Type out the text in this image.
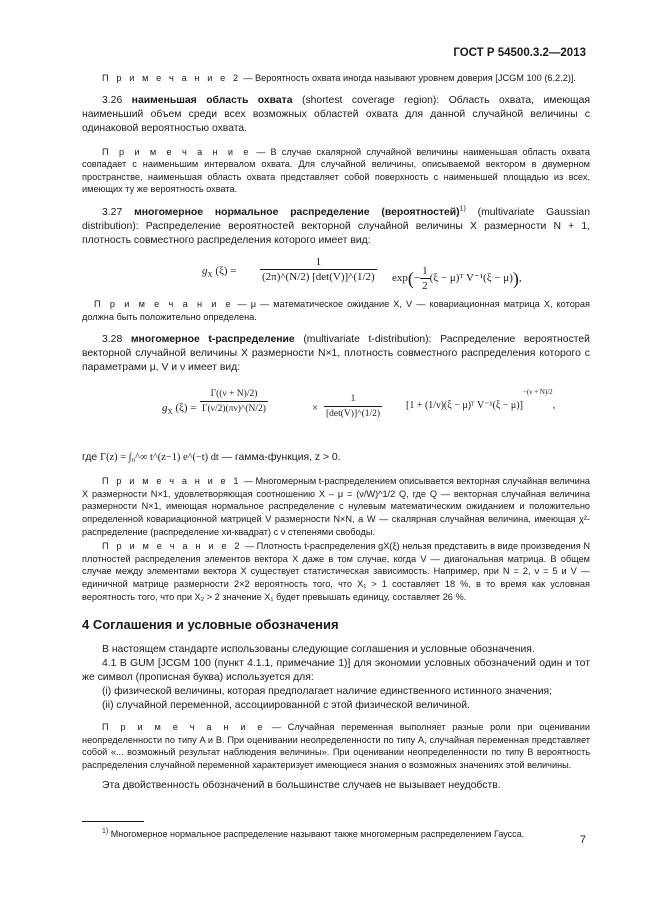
ГОСТ Р 54500.3.2—2013

П р и м е ч а н и е 2 — Вероятность охвата иногда называют уровнем доверия [JCGM 100 (6.2.2)].

3.26 наименьшая область охвата (shortest coverage region): Область охвата, имеющая наименьший объем среди всех возможных областей охвата для данной случайной величины с одинаковой вероятностью охвата.

П р и м е ч а н и е — В случае скалярной случайной величины наименьшая область охвата совпадает с наименьшим интервалом охвата. Для случайной величины, описываемой вектором в двумерном пространстве, наименьшая область охвата представляет собой поверхность с наименьшей площадью из всех, имеющих ту же вероятность охвата.

3.27 многомерное нормальное распределение (вероятностей)$^{1)}$ (multivariate Gaussian distribution): Распределение вероятностей векторной случайной величины X размерности N + 1, плотность совместного распределения которого имеет вид:

$g_X$ (ξ) =
1
(2π)^(N/2) [det(V)]^(1/2) $\exp(- \frac{1}{2} (\xi$ − μ)ᵀ V⁻¹(ξ − μ)),

П р и м е ч а н и е — μ — математическое ожидание X, V — ковариационная матрица X, которая должна быть положительно определена.

3.28 многомерное t-распределение (multivariate t-distribution): Распределение вероятностей векторной случайной величины X размерности N×1, плотность совместного распределения которого с параметрами μ, V и ν имеет вид:

$g_X$ $(\xi) = \frac{\Gamma((\nu + N)/2)}{\Gamma(\nu/2)(\pi\nu)\^{}(N/2)}$	×
1
[det(V)]^(1/2)
[1 + (1/ν)(ξ − μ)ᵀ V⁻¹(ξ − μ)]$^{-(\nu + N)/2}$,

где Γ(z) = ∫₀^∞ t^(z−1) e^(−t) dt — гамма-функция, z > 0.

П р и м е ч а н и е 1 — Многомерным t-распределением описывается векторная случайная величина X размерности N×1, удовлетворяющая соотношению X – μ = (ν/W)^1/2 Q, где Q — векторная случайная величина размерности N×1, имеющая нормальное распределение с нулевым математическим ожиданием и положительно определенной ковариационной матрицей V размерности N×N, а W — скалярная случайная величина, имеющая χ²-распределение (распределение хи-квадрат) с ν степенями свободы.

П р и м е ч а н и е 2 — Плотность t-распределения gX(ξ) нельзя представить в виде произведения N плотностей распределения элементов вектора X даже в том случае, когда V — диагональная матрица. В общем случае между элементами вектора X существует статистическая зависимость. Например, при N = 2, ν = 5 и V — единичной матрице размерности 2×2 вероятность того, что X₁ > 1 составляет 18 %, в то время как условная вероятность того, что при X₂ > 2 значение X₁ будет превышать единицу, составляет 26 %.

4 Соглашения и условные обозначения

В настоящем стандарте использованы следующие соглашения и условные обозначения.

4.1 В GUM [JCGM 100 (пункт 4.1.1, примечание 1)] для экономии условных обозначений один и тот же символ (прописная буква) используется для:

(i) физической величины, которая предполагает наличие единственного истинного значения;

(ii) случайной переменной, ассоциированной с этой физической величиной.

П р и м е ч а н и е — Случайная переменная выполняет разные роли при оценивании неопределенности по типу A и B. При оценивании неопределенности по типу A, случайная переменная представляет собой «... возможный результат наблюдения величины». При оценивании неопределенности по типу B вероятность распределения случайной переменной характеризует имеющиеся знания о возможных значениях этой величины.

Эта двойственность обозначений в большинстве случаев не вызывает неудобств.

$^{1)}$ Многомерное нормальное распределение называют также многомерным распределением Гаусса.	7
